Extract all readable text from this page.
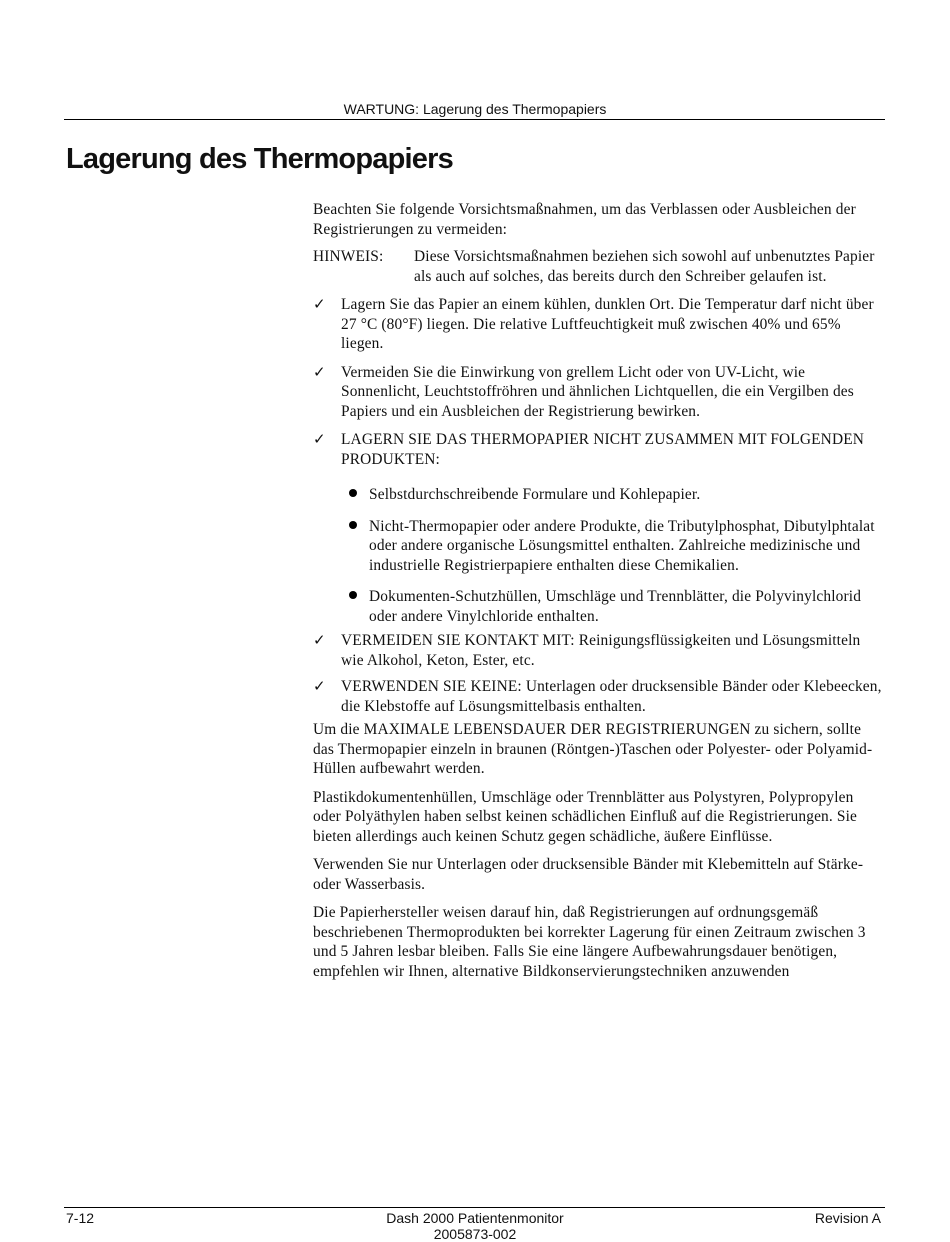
WARTUNG: Lagerung des Thermopapiers
Lagerung des Thermopapiers

Beachten Sie folgende Vorsichtsmaßnahmen, um das Verblassen oder Ausbleichen der Registrierungen zu vermeiden:

HINWEIS:	Diese Vorsichtsmaßnahmen beziehen sich sowohl auf unbenutztes Papier als auch auf solches, das bereits durch den Schreiber gelaufen ist.
✓ Lagern Sie das Papier an einem kühlen, dunklen Ort. Die Temperatur darf nicht über 27 °C (80°F) liegen. Die relative Luftfeuchtigkeit muß zwischen 40% und 65% liegen.
✓ Vermeiden Sie die Einwirkung von grellem Licht oder von UV-Licht, wie Sonnenlicht, Leuchtstoffröhren und ähnlichen Lichtquellen, die ein Vergilben des Papiers und ein Ausbleichen der Registrierung bewirken.
✓ LAGERN SIE DAS THERMOPAPIER NICHT ZUSAMMEN MIT FOLGENDEN PRODUKTEN:
Selbstdurchschreibende Formulare und Kohlepapier.
Nicht-Thermopapier oder andere Produkte, die Tributylphosphat, Dibutylphtalat oder andere organische Lösungsmittel enthalten. Zahlreiche medizinische und industrielle Registrierpapiere enthalten diese Chemikalien.
Dokumenten-Schutzhüllen, Umschläge und Trennblätter, die Polyvinylchlorid oder andere Vinylchloride enthalten.
✓ VERMEIDEN SIE KONTAKT MIT: Reinigungsflüssigkeiten und Lösungsmitteln wie Alkohol, Keton, Ester, etc.
✓ VERWENDEN SIE KEINE: Unterlagen oder drucksensible Bänder oder Klebeecken, die Klebstoffe auf Lösungsmittelbasis enthalten.

Um die MAXIMALE LEBENSDAUER DER REGISTRIERUNGEN zu sichern, sollte das Thermopapier einzeln in braunen (Röntgen-)Taschen oder Polyester- oder Polyamid-Hüllen aufbewahrt werden.

Plastikdokumentenhüllen, Umschläge oder Trennblätter aus Polystyren, Polypropylen oder Polyäthylen haben selbst keinen schädlichen Einfluß auf die Registrierungen. Sie bieten allerdings auch keinen Schutz gegen schädliche, äußere Einflüsse.

Verwenden Sie nur Unterlagen oder drucksensible Bänder mit Klebemitteln auf Stärke- oder Wasserbasis.

Die Papierhersteller weisen darauf hin, daß Registrierungen auf ordnungsgemäß beschriebenen Thermoprodukten bei korrekter Lagerung für einen Zeitraum zwischen 3 und 5 Jahren lesbar bleiben. Falls Sie eine längere Aufbewahrungsdauer benötigen, empfehlen wir Ihnen, alternative Bildkonservierungstechniken anzuwenden

7-12	Dash 2000 Patientenmonitor
2005873-002
Revision A
